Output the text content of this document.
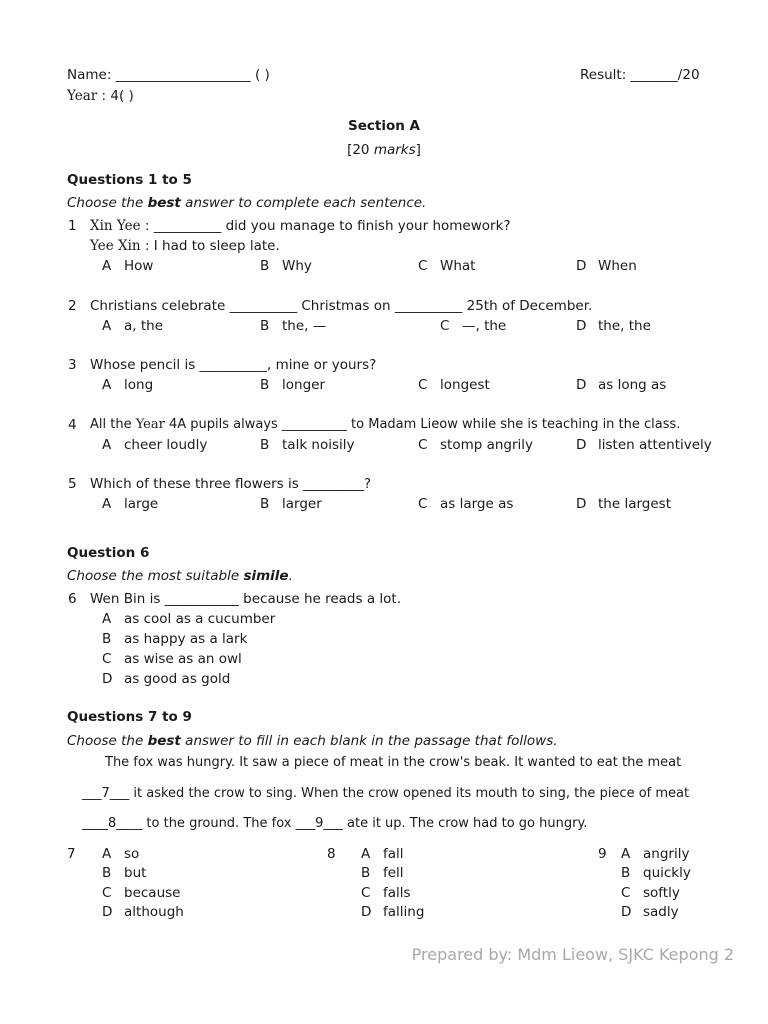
Name: ____________________ ( )	Result: _______/20
Year : 4( )
Section A
[20 marks]
Questions 1 to 5
Choose the best answer to complete each sentence.
1 Xin Yee : __________ did you manage to finish your homework?
Yee Xin : I had to sleep late.
A How	B Why	C What	D When
2 Christians celebrate __________ Christmas on __________ 25th of December.
A a, the	B the, —	C —, the	D the, the
3 Whose pencil is __________, mine or yours?
A long	B longer	C longest	D as long as
4 All the Year 4A pupils always __________ to Madam Lieow while she is teaching in the class.
A cheer loudly	B talk noisily	C stomp angrily	D listen attentively
5 Which of these three flowers is _________?
A large	B larger	C as large as	D the largest
Question 6
Choose the most suitable simile.
6 Wen Bin is ___________ because he reads a lot.
A as cool as a cucumber
B as happy as a lark
C as wise as an owl
D as good as gold
Questions 7 to 9
Choose the best answer to fill in each blank in the passage that follows.
The fox was hungry. It saw a piece of meat in the crow's beak. It wanted to eat the meat
___7___ it asked the crow to sing. When the crow opened its mouth to sing, the piece of meat
____8____ to the ground. The fox ___9___ ate it up. The crow had to go hungry.
7 A so
B but
C because
D although
8 A fall
B fell
C falls
D falling
9 A angrily
B quickly
C softly
D sadly
Prepared by: Mdm Lieow, SJKC Kepong 2
